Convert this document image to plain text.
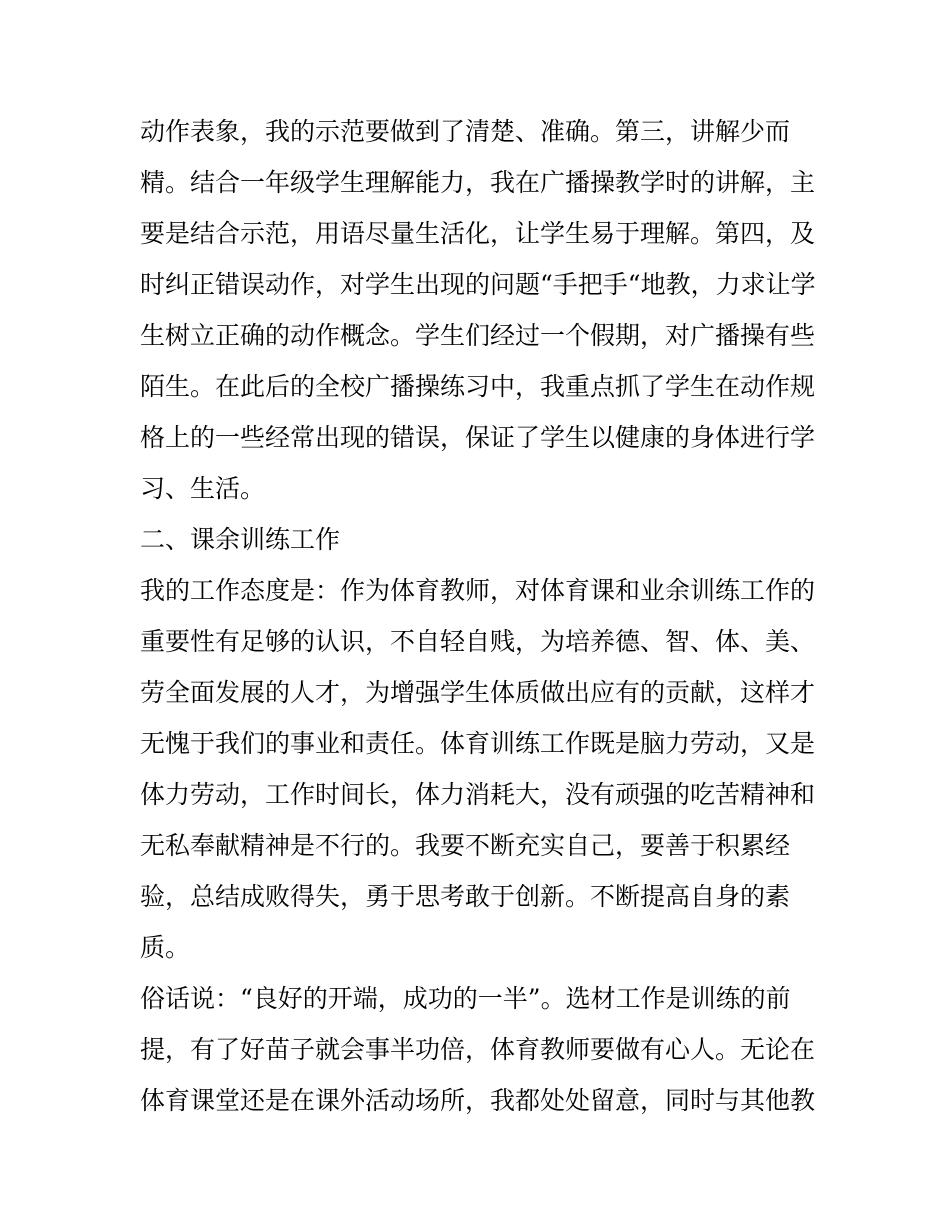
动作表象，我的示范要做到了清楚、准确。第三，讲解少而
精。结合一年级学生理解能力，我在广播操教学时的讲解，主
要是结合示范，用语尽量生活化，让学生易于理解。第四，及
时纠正错误动作，对学生出现的问题“手把手“地教，力求让学
生树立正确的动作概念。学生们经过一个假期，对广播操有些
陌生。在此后的全校广播操练习中，我重点抓了学生在动作规
格上的一些经常出现的错误，保证了学生以健康的身体进行学
习、生活。
二、课余训练工作
我的工作态度是：作为体育教师，对体育课和业余训练工作的
重要性有足够的认识，不自轻自贱，为培养德、智、体、美、
劳全面发展的人才，为增强学生体质做出应有的贡献，这样才
无愧于我们的事业和责任。体育训练工作既是脑力劳动，又是
体力劳动，工作时间长，体力消耗大，没有顽强的吃苦精神和
无私奉献精神是不行的。我要不断充实自己，要善于积累经
验，总结成败得失，勇于思考敢于创新。不断提高自身的素
质。
俗话说：“良好的开端，成功的一半”。选材工作是训练的前
提，有了好苗子就会事半功倍，体育教师要做有心人。无论在
体育课堂还是在课外活动场所，我都处处留意，同时与其他教
